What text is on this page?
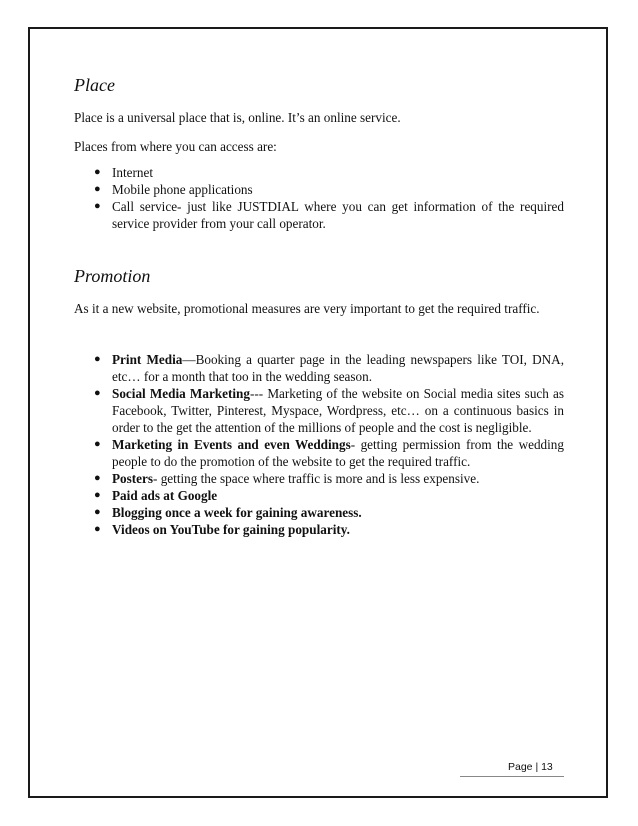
Place

Place is a universal place that is, online. It’s an online service.

Places from where you can access are:

● Internet
● Mobile phone applications
● Call service- just like JUSTDIAL where you can get information of the required service provider from your call operator.
Promotion

As it a new website, promotional measures are very important to get the required traffic.

● Print Media—Booking a quarter page in the leading newspapers like TOI, DNA, etc… for a month that too in the wedding season.
● Social Media Marketing--- Marketing of the website on Social media sites such as Facebook, Twitter, Pinterest, Myspace, Wordpress, etc… on a continuous basics in order to the get the attention of the millions of people and the cost is negligible.
● Marketing in Events and even Weddings- getting permission from the wedding people to do the promotion of the website to get the required traffic.
● Posters- getting the space where traffic is more and is less expensive.
● Paid ads at Google
● Blogging once a week for gaining awareness.
● Videos on YouTube for gaining popularity.
Page | 13
